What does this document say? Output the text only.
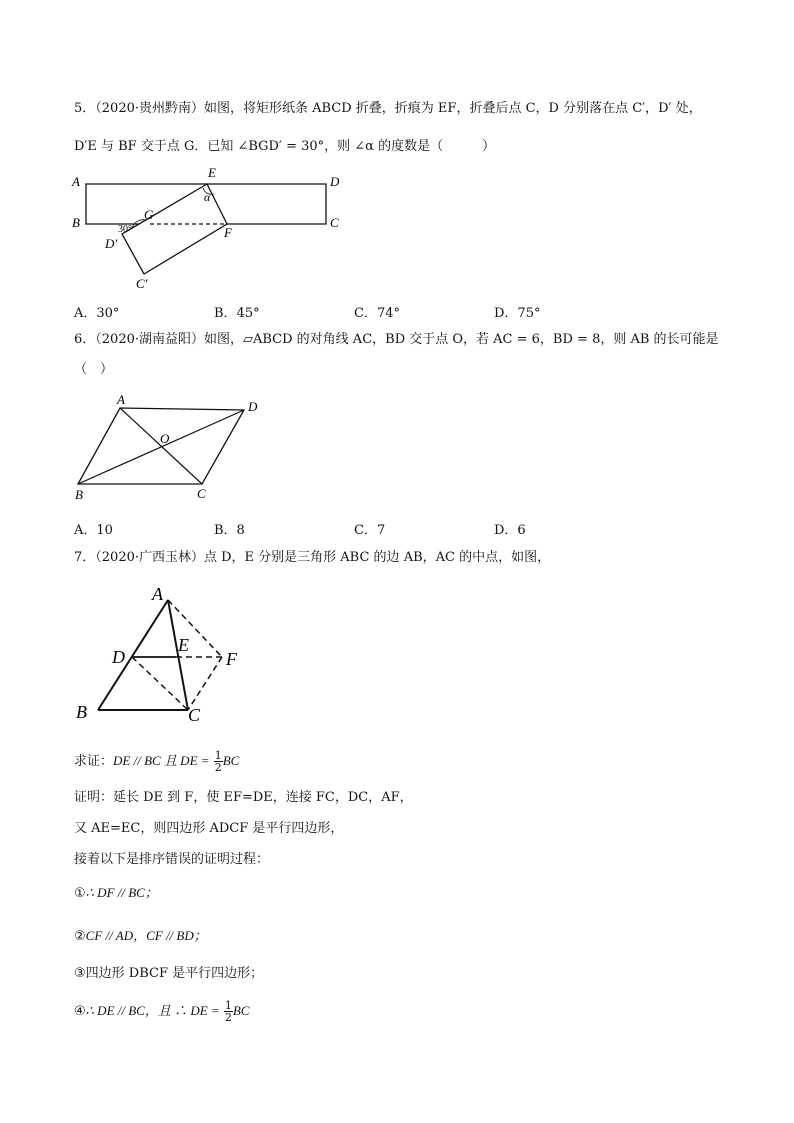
5．（2020·贵州黔南）如图，将矩形纸条 ABCD 折叠，折痕为 EF，折叠后点 C，D 分别落在点 C′，D′ 处，
D′E 与 BF 交于点 G．已知 ∠BGD′ = 30°，则 ∠α 的度数是（　　　）
A
B
D
C
E
F
G
D′
C′
α
30°
A．30°	B．45°	C．74°	D．75°
6．（2020·湖南益阳）如图，▱ABCD 的对角线 AC，BD 交于点 O，若 AC = 6，BD = 8，则 AB 的长可能是
（　）
A	D
O
B	C
A．10	B．8	C．7	D．6
7．（2020·广西玉林）点 D，E 分别是三角形 ABC 的边 AB，AC 的中点，如图，
A
D
E
F
B	C
求证：DE // BC 且 DE = $\frac{1}{2}$ BC
证明：延长 DE 到 F，使 EF=DE，连接 FC，DC，AF，
又 AE=EC，则四边形 ADCF 是平行四边形，
接着以下是排序错误的证明过程：
①∴ DF // BC；
②CF // AD，CF // BD；
③四边形 DBCF 是平行四边形；
④∴ DE // BC，且 ∴ DE = $\frac{1}{2}$ BC
